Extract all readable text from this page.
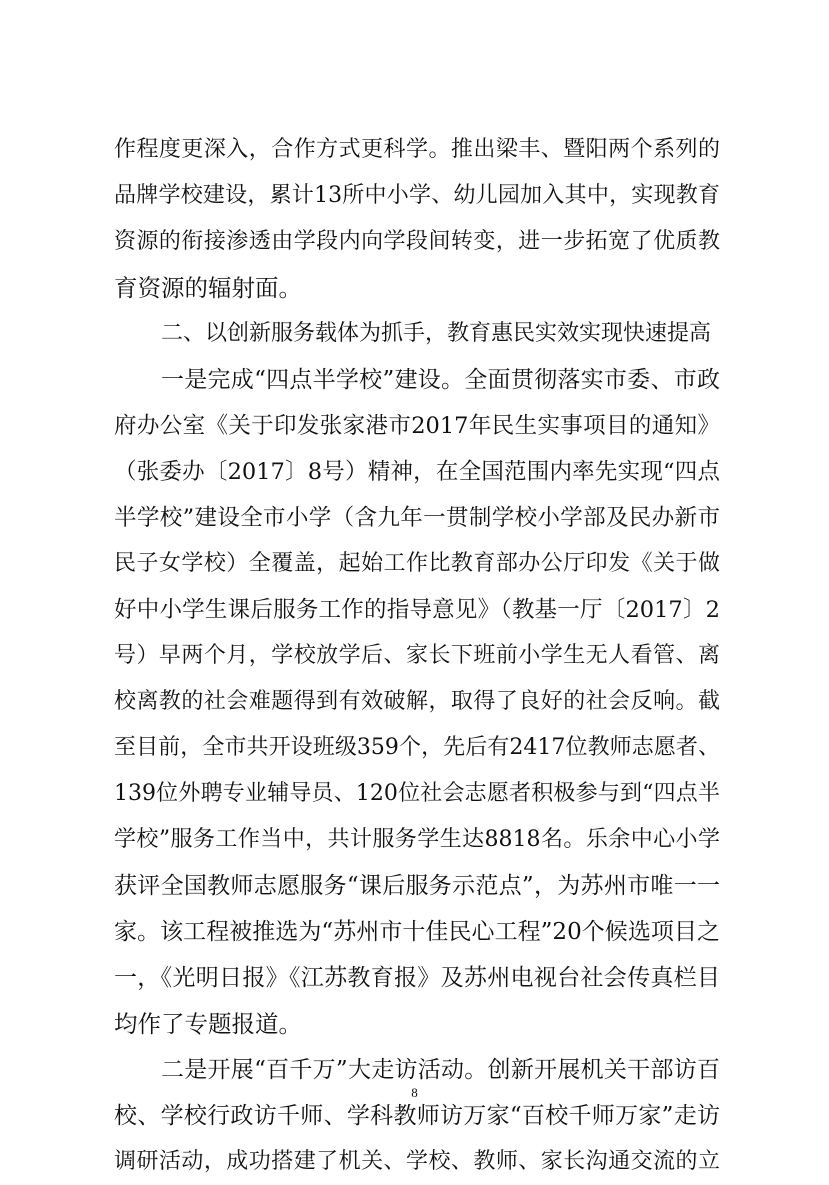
作程度更深入，合作方式更科学。推出梁丰、暨阳两个系列的
品牌学校建设，累计13所中小学、幼儿园加入其中，实现教育
资源的衔接渗透由学段内向学段间转变，进一步拓宽了优质教
育资源的辐射面。
二、以创新服务载体为抓手，教育惠民实效实现快速提高
一是完成“四点半学校”建设。全面贯彻落实市委、市政
府办公室《关于印发张家港市2017年民生实事项目的通知》
（张委办〔2017〕8号）精神，在全国范围内率先实现“四点
半学校”建设全市小学（含九年一贯制学校小学部及民办新市
民子女学校）全覆盖，起始工作比教育部办公厅印发《关于做
好中小学生课后服务工作的指导意见》（教基一厅〔2017〕2
号）早两个月，学校放学后、家长下班前小学生无人看管、离
校离教的社会难题得到有效破解，取得了良好的社会反响。截
至目前，全市共开设班级359个，先后有2417位教师志愿者、
139位外聘专业辅导员、120位社会志愿者积极参与到“四点半
学校”服务工作当中，共计服务学生达8818名。乐余中心小学
获评全国教师志愿服务“课后服务示范点”，为苏州市唯一一
家。该工程被推选为“苏州市十佳民心工程”20个候选项目之
一，《光明日报》《江苏教育报》及苏州电视台社会传真栏目
均作了专题报道。
二是开展“百千万”大走访活动。创新开展机关干部访百
校、学校行政访千师、学科教师访万家“百校千师万家”走访
调研活动，成功搭建了机关、学校、教师、家长沟通交流的立
8
